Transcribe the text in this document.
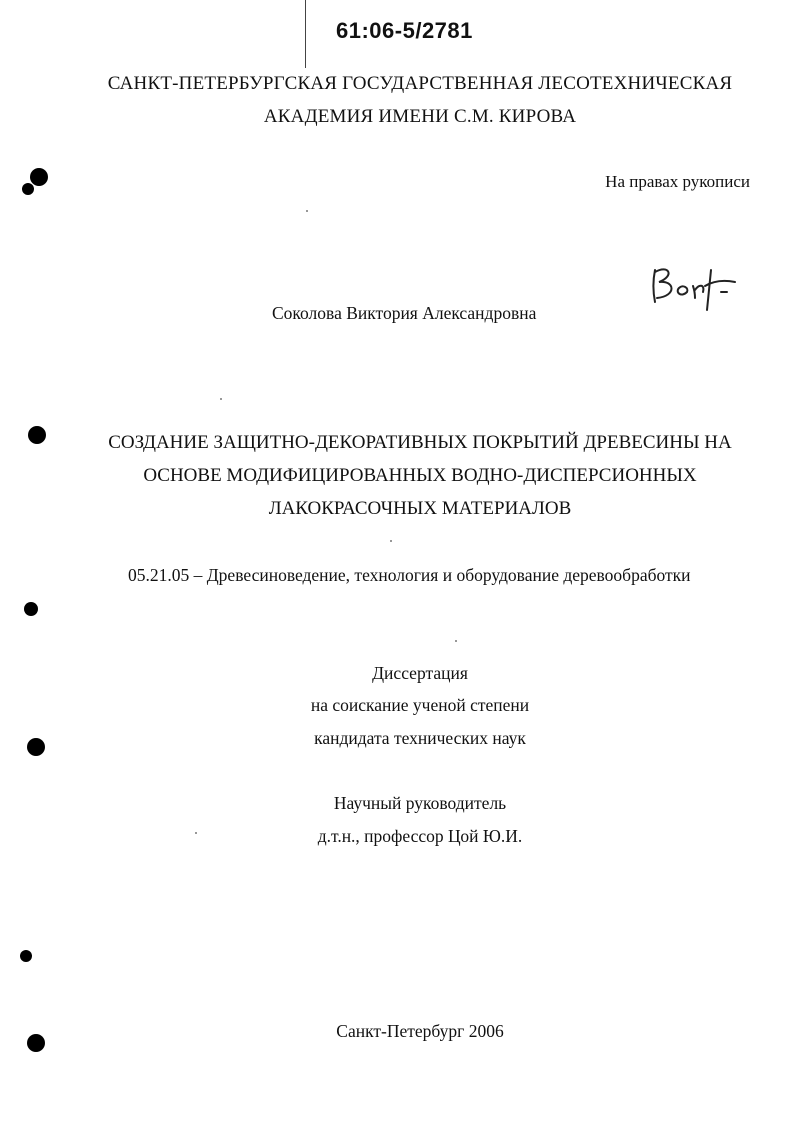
61:06-5/2781
САНКТ-ПЕТЕРБУРГСКАЯ ГОСУДАРСТВЕННАЯ ЛЕСОТЕХНИЧЕСКАЯ
АКАДЕМИЯ ИМЕНИ С.М. КИРОВА
На правах рукописи
Соколова Виктория Александровна
СОЗДАНИЕ ЗАЩИТНО-ДЕКОРАТИВНЫХ ПОКРЫТИЙ ДРЕВЕСИНЫ НА
ОСНОВЕ МОДИФИЦИРОВАННЫХ ВОДНО-ДИСПЕРСИОННЫХ
ЛАКОКРАСОЧНЫХ МАТЕРИАЛОВ
05.21.05 – Древесиноведение, технология и оборудование деревообработки
Диссертация
на соискание ученой степени
кандидата технических наук
Научный руководитель
д.т.н., профессор Цой Ю.И.
Санкт-Петербург 2006
